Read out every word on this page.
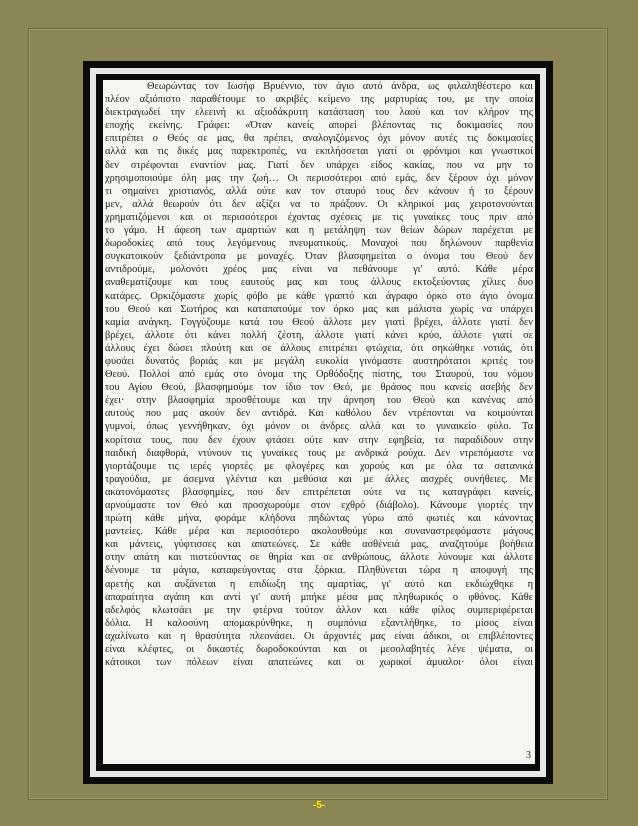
Θεωρώντας τον Ιωσήφ Βρυέννιο, τον άγιο αυτό άνδρα, ως φιλαληθέστερο και
πλέον αξιόπιστο παραθέτουμε το ακριβές κείμενο της μαρτυρίας του, με την οποία
διεκτραγωδεί την ελεεινή κι αξιοδάκρυτη κατάσταση του λαού και τον κλήρον της
εποχής εκείνης. Γράφει: «Όταν κανείς απορεί βλέποντας τις δοκιμασίες που
επιτρέπει ο Θεός σε μας, θα πρέπει, αναλογιζόμενος όχι μόνον αυτές τις δοκιμασίες
αλλά και τις δικές μας παρεκτροπές, να εκπλήσσεται γιατί οι φρόνιμοι και γνωστικοί
δεν στρέφονται εναντίον μας. Γιατί δεν υπάρχει είδος κακίας, που να μην το
χρησιμοποιούμε όλη μας την ζωή… Οι περισσότεροι από εμάς, δεν ξέρουν όχι μόνον
τι σημαίνει χριστιανός, αλλά ούτε καν τον σταυρό τους δεν κάνουν ή το ξέρουν
μεν, αλλά θεωρούν ότι δεν αξίζει να το πράξουν. Οι κληρικοί μας χειροτονούνται
χρηματιζόμενοι και οι περισσότεροι έχοντας σχέσεις με τις γυναίκες τους πριν από
το γάμο. Η άφεση των αμαρτιών και η μετάληψη των θείων δώρων παρέχεται με
δωροδοκίες από τους λεγόμενους πνευματικούς. Μοναχοί που δηλώνουν παρθενία
συγκατοικούν ξεδιάντροπα με μοναχές. Όταν βλασφημείται ο όνομα του Θεού δεν
αντιδρούμε, μολονότι χρέος μας είναι να πεθάνουμε γι' αυτό. Κάθε μέρα
αναθεματίζουμε και τους εαυτούς μας και τους άλλους εκτοξεύοντας χίλιες δυο
κατάρες. Ορκιζόμαστε χωρίς φόβο με κάθε γραπτό και άγραφο όρκο στο άγιο όνομα
του Θεού και Σωτήρος και καταπατούμε τον όρκο μας και μάλιστα χωρίς να υπάρχει
καμία ανάγκη. Γογγύζουμε κατά του Θεού άλλοτε μεν γιατί βρέχει, άλλοτε γιατί δεν
βρέχει, άλλοτε ότι κάνει πολλή ζέστη, άλλοτε γιατί κάνει κρύο, άλλοτε γιατί σε
άλλους έχει δώσει πλούτη και σε άλλους επιτρέπει φτώχεια, ότι σηκώθηκε νοτιάς, ότι
φυσάει δυνατός βοριάς και με μεγάλη ευκολία γινόμαστε αυστηρότατοι κριτές του
Θεού. Πολλοί από εμάς στο όνομα της Ορθόδοξης πίστης, του Σταυρού, του νόμου
του Αγίου Θεού, βλασφημούμε τον ίδιο τον Θεό, με θράσος που κανείς ασεβής δεν
έχει· στην βλασφημία προσθέτουμε και την άρνηση του Θεού και κανένας από
αυτούς που μας ακούν δεν αντιδρά. Και καθόλου δεν ντρέπονται να κοιμούνται
γυμνοί, όπως γεννήθηκαν, όχι μόνον οι άνδρες αλλά και το γυναικείο φύλο. Τα
κορίτσια τους, που δεν έχουν φτάσει ούτε καν στην εφηβεία, τα παραδίδουν στην
παιδική διαφθορά, ντύνουν τις γυναίκες τους με ανδρικά ρούχα. Δεν ντρεπόμαστε να
γιορτάζουμε τις ιερές γιορτές με φλογέρες και χορούς και με όλα τα σατανικά
τραγούδια, με άσεμνα γλέντια και μεθύσια και με άλλες αισχρές συνήθειες. Με
ακατονόμαστες βλασφημίες, που δεν επιτρέπεται ούτε να τις καταγράφει κανείς,
αρνούμαστε τον Θεό και προσχωρούμε στον εχθρό (διάβολο). Κάνουμε γιορτές την
πρώτη κάθε μήνα, φοράμε κλήδονα πηδώντας γύρω από φωτιές και κάνοντας
μαντείες. Κάθε μέρα και περισσότερο ακολουθούμε και συναναστρεφόμαστε μάγους
και μάντεις, γύφτισσες και απατεώνες. Σε κάθε ασθένειά μας, αναζητούμε βοήθεια
στην απάτη και πιστεύοντας σε θηρία και σε ανθρώπους, άλλοτε λύνουμε και άλλοτε
δένουμε τα μάγια, καταφεύγοντας στα ξόρκια. Πληθύνεται τώρα η αποφυγή της
αρετής και αυξάνεται η επιδίωξη της αμαρτίας, γι' αυτό και εκδιώχθηκε η
απαραίτητα αγάπη και αντί γι' αυτή μπήκε μέσα μας πληθωρικός ο φθόνος. Κάθε
αδελφός κλωτσάει με την φτέρνα τούτον άλλον και κάθε φίλος συμπεριφέρεται
δόλια. Η καλοσύνη απομακρύνθηκε, η συμπόνια εξαντλήθηκε, το μίσος είναι
αχαλίνωτο και η θρασύτητα πλεονάσει. Οι άρχοντές μας είναι άδικοι, οι επιβλέποντες
είναι κλέφτες, οι δικαστές δωροδοκούνται και οι μεσολαβητές λένε ψέματα, οι
κάτοικοι των πόλεων είναι απατεώνες και οι χωρικοί άμυαλοι· όλοι είναι
3
-5-
